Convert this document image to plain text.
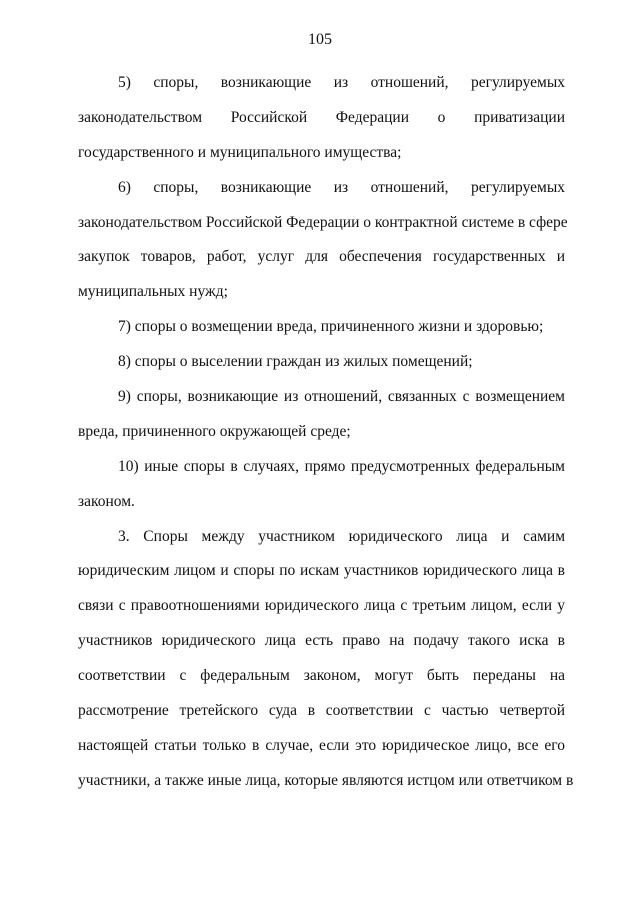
105
5) споры, возникающие из отношений, регулируемых
законодательством Российской Федерации о приватизации
государственного и муниципального имущества;
6) споры, возникающие из отношений, регулируемых
законодательством Российской Федерации о контрактной системе в сфере
закупок товаров, работ, услуг для обеспечения государственных и
муниципальных нужд;
7) споры о возмещении вреда, причиненного жизни и здоровью;
8) споры о выселении граждан из жилых помещений;
9) споры, возникающие из отношений, связанных с возмещением
вреда, причиненного окружающей среде;
10) иные споры в случаях, прямо предусмотренных федеральным
законом.
3. Споры между участником юридического лица и самим
юридическим лицом и споры по искам участников юридического лица в
связи с правоотношениями юридического лица с третьим лицом, если у
участников юридического лица есть право на подачу такого иска в
соответствии с федеральным законом, могут быть переданы на
рассмотрение третейского суда в соответствии с частью четвертой
настоящей статьи только в случае, если это юридическое лицо, все его
участники, а также иные лица, которые являются истцом или ответчиком в
